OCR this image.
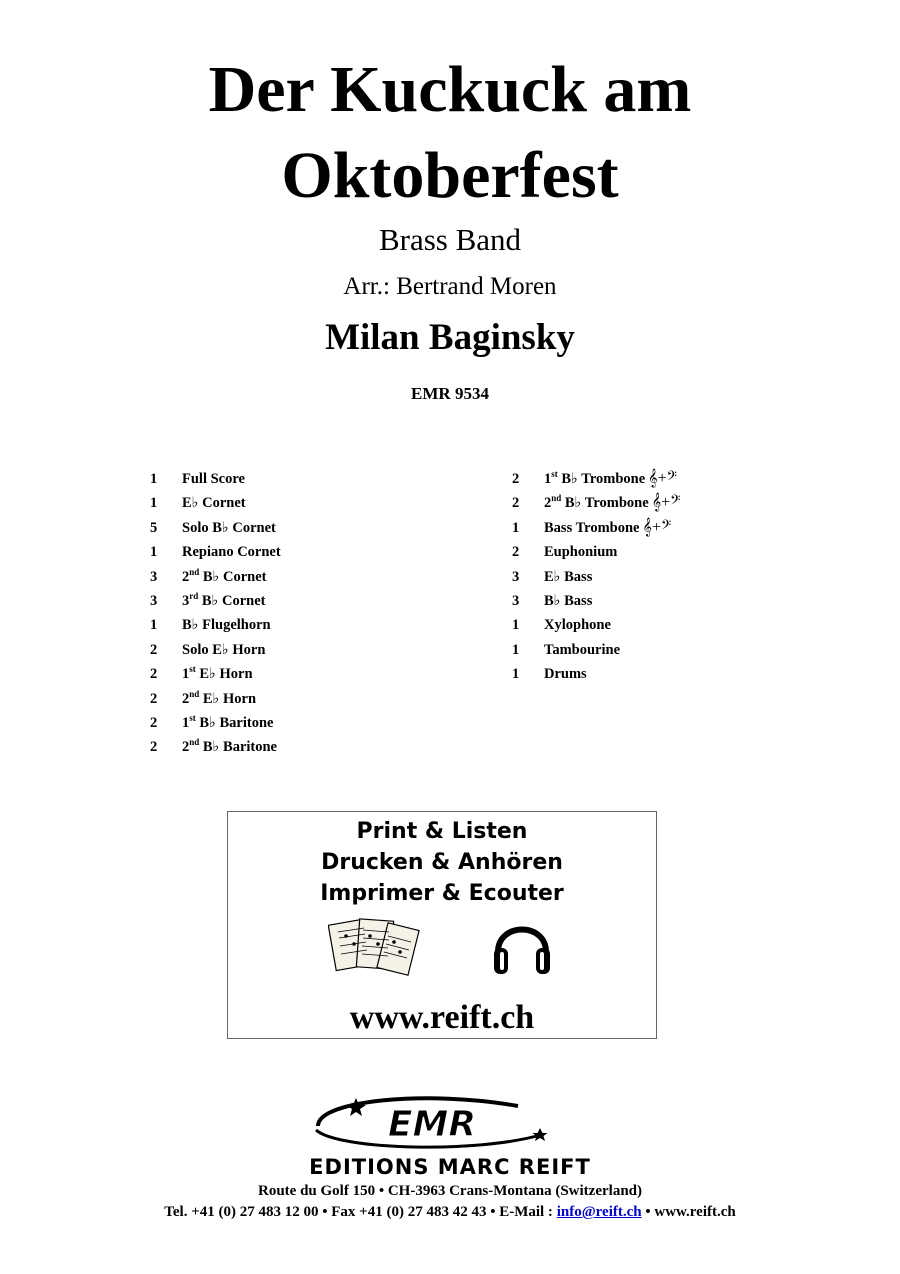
Der Kuckuck am
Oktoberfest
Brass Band
Arr.: Bertrand Moren
Milan Baginsky
EMR 9534
1 Full Score
1 E♭ Cornet
5 Solo B♭ Cornet
1 Repiano Cornet
3 2nd B♭ Cornet
3 3rd B♭ Cornet
1 B♭ Flugelhorn
2 Solo E♭ Horn
2 1st E♭ Horn
2 2nd E♭ Horn
2 1st B♭ Baritone
2 2nd B♭ Baritone
2 1st B♭ Trombone 𝄞+𝄢
2 2nd B♭ Trombone 𝄞+𝄢
1 Bass Trombone 𝄞+𝄢
2 Euphonium
3 E♭ Bass
3 B♭ Bass
1 Xylophone
1 Tambourine
1 Drums
Print & Listen
Drucken & Anhören
Imprimer & Ecouter
www.reift.ch
EMR
EDITIONS MARC REIFT
Route du Golf 150 • CH-3963 Crans-Montana (Switzerland)
Tel. +41 (0) 27 483 12 00 • Fax +41 (0) 27 483 42 43 • E-Mail : info@reift.ch • www.reift.ch
